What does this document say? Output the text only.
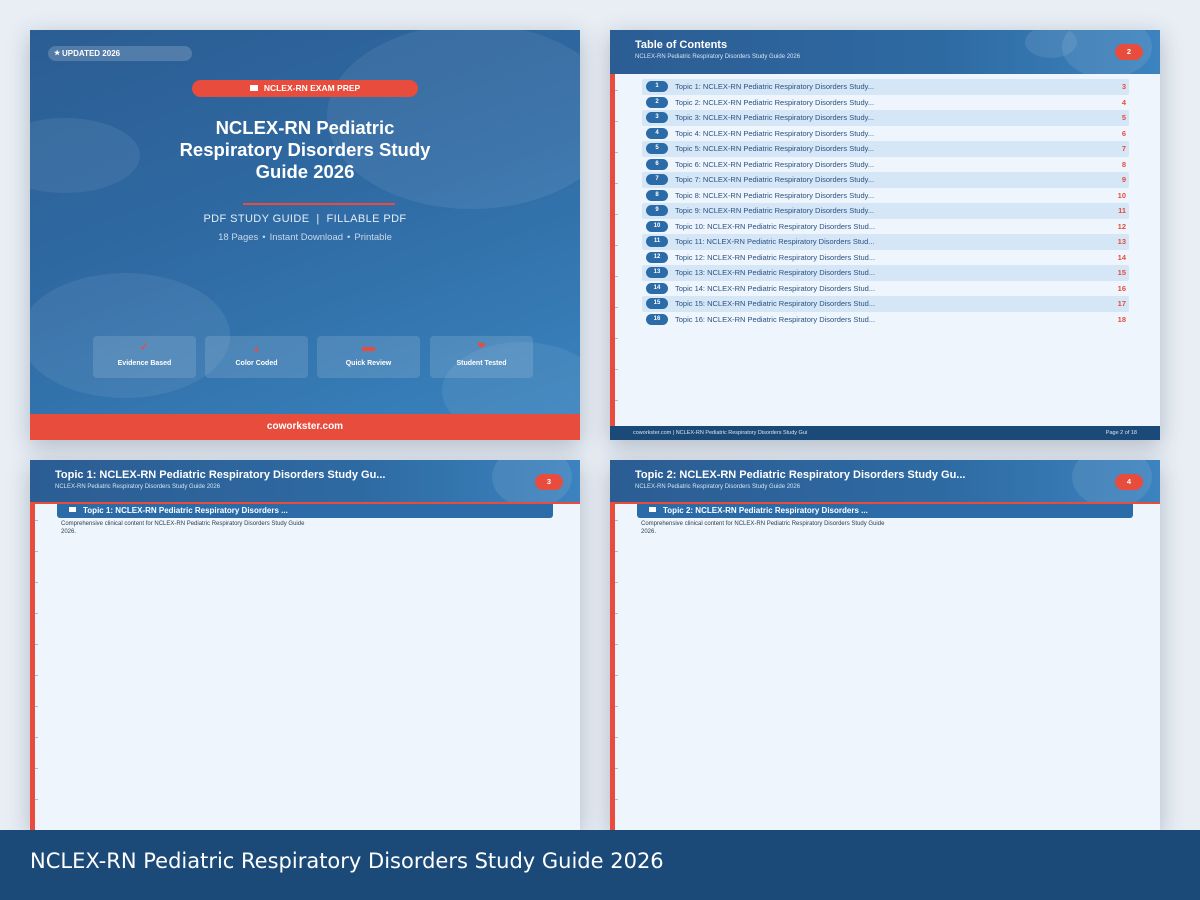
★ UPDATED 2026
NCLEX-RN EXAM PREP
NCLEX-RN Pediatric
Respiratory Disorders Study
Guide 2026
PDF STUDY GUIDE  |  FILLABLE PDF
18 Pages • Instant Download • Printable
✓
Evidence Based
▲
Color Coded
▬
Quick Review
❤
Student Tested
coworkster.com
Table of Contents
NCLEX-RN Pediatric Respiratory Disorders Study Guide 2026
2
1	Topic 1: NCLEX-RN Pediatric Respiratory Disorders Study...	3
2	Topic 2: NCLEX-RN Pediatric Respiratory Disorders Study...	4
3	Topic 3: NCLEX-RN Pediatric Respiratory Disorders Study...	5
4	Topic 4: NCLEX-RN Pediatric Respiratory Disorders Study...	6
5	Topic 5: NCLEX-RN Pediatric Respiratory Disorders Study...	7
6	Topic 6: NCLEX-RN Pediatric Respiratory Disorders Study...	8
7	Topic 7: NCLEX-RN Pediatric Respiratory Disorders Study...	9
8	Topic 8: NCLEX-RN Pediatric Respiratory Disorders Study...	10
9	Topic 9: NCLEX-RN Pediatric Respiratory Disorders Study...	11
10	Topic 10: NCLEX-RN Pediatric Respiratory Disorders Stud...	12
11	Topic 11: NCLEX-RN Pediatric Respiratory Disorders Stud...	13
12	Topic 12: NCLEX-RN Pediatric Respiratory Disorders Stud...	14
13	Topic 13: NCLEX-RN Pediatric Respiratory Disorders Stud...	15
14	Topic 14: NCLEX-RN Pediatric Respiratory Disorders Stud...	16
15	Topic 15: NCLEX-RN Pediatric Respiratory Disorders Stud...	17
16	Topic 16: NCLEX-RN Pediatric Respiratory Disorders Stud...	18
coworkster.com | NCLEX-RN Pediatric Respiratory Disorders Study Gui	Page 2 of 18
Topic 1: NCLEX-RN Pediatric Respiratory Disorders Study Gu...
NCLEX-RN Pediatric Respiratory Disorders Study Guide 2026
3
Topic 1: NCLEX-RN Pediatric Respiratory Disorders ...
Comprehensive clinical content for NCLEX-RN Pediatric Respiratory Disorders Study Guide
2026.
Topic 2: NCLEX-RN Pediatric Respiratory Disorders Study Gu...
NCLEX-RN Pediatric Respiratory Disorders Study Guide 2026
4
Topic 2: NCLEX-RN Pediatric Respiratory Disorders ...
Comprehensive clinical content for NCLEX-RN Pediatric Respiratory Disorders Study Guide
2026.
NCLEX-RN Pediatric Respiratory Disorders Study Guide 2026
